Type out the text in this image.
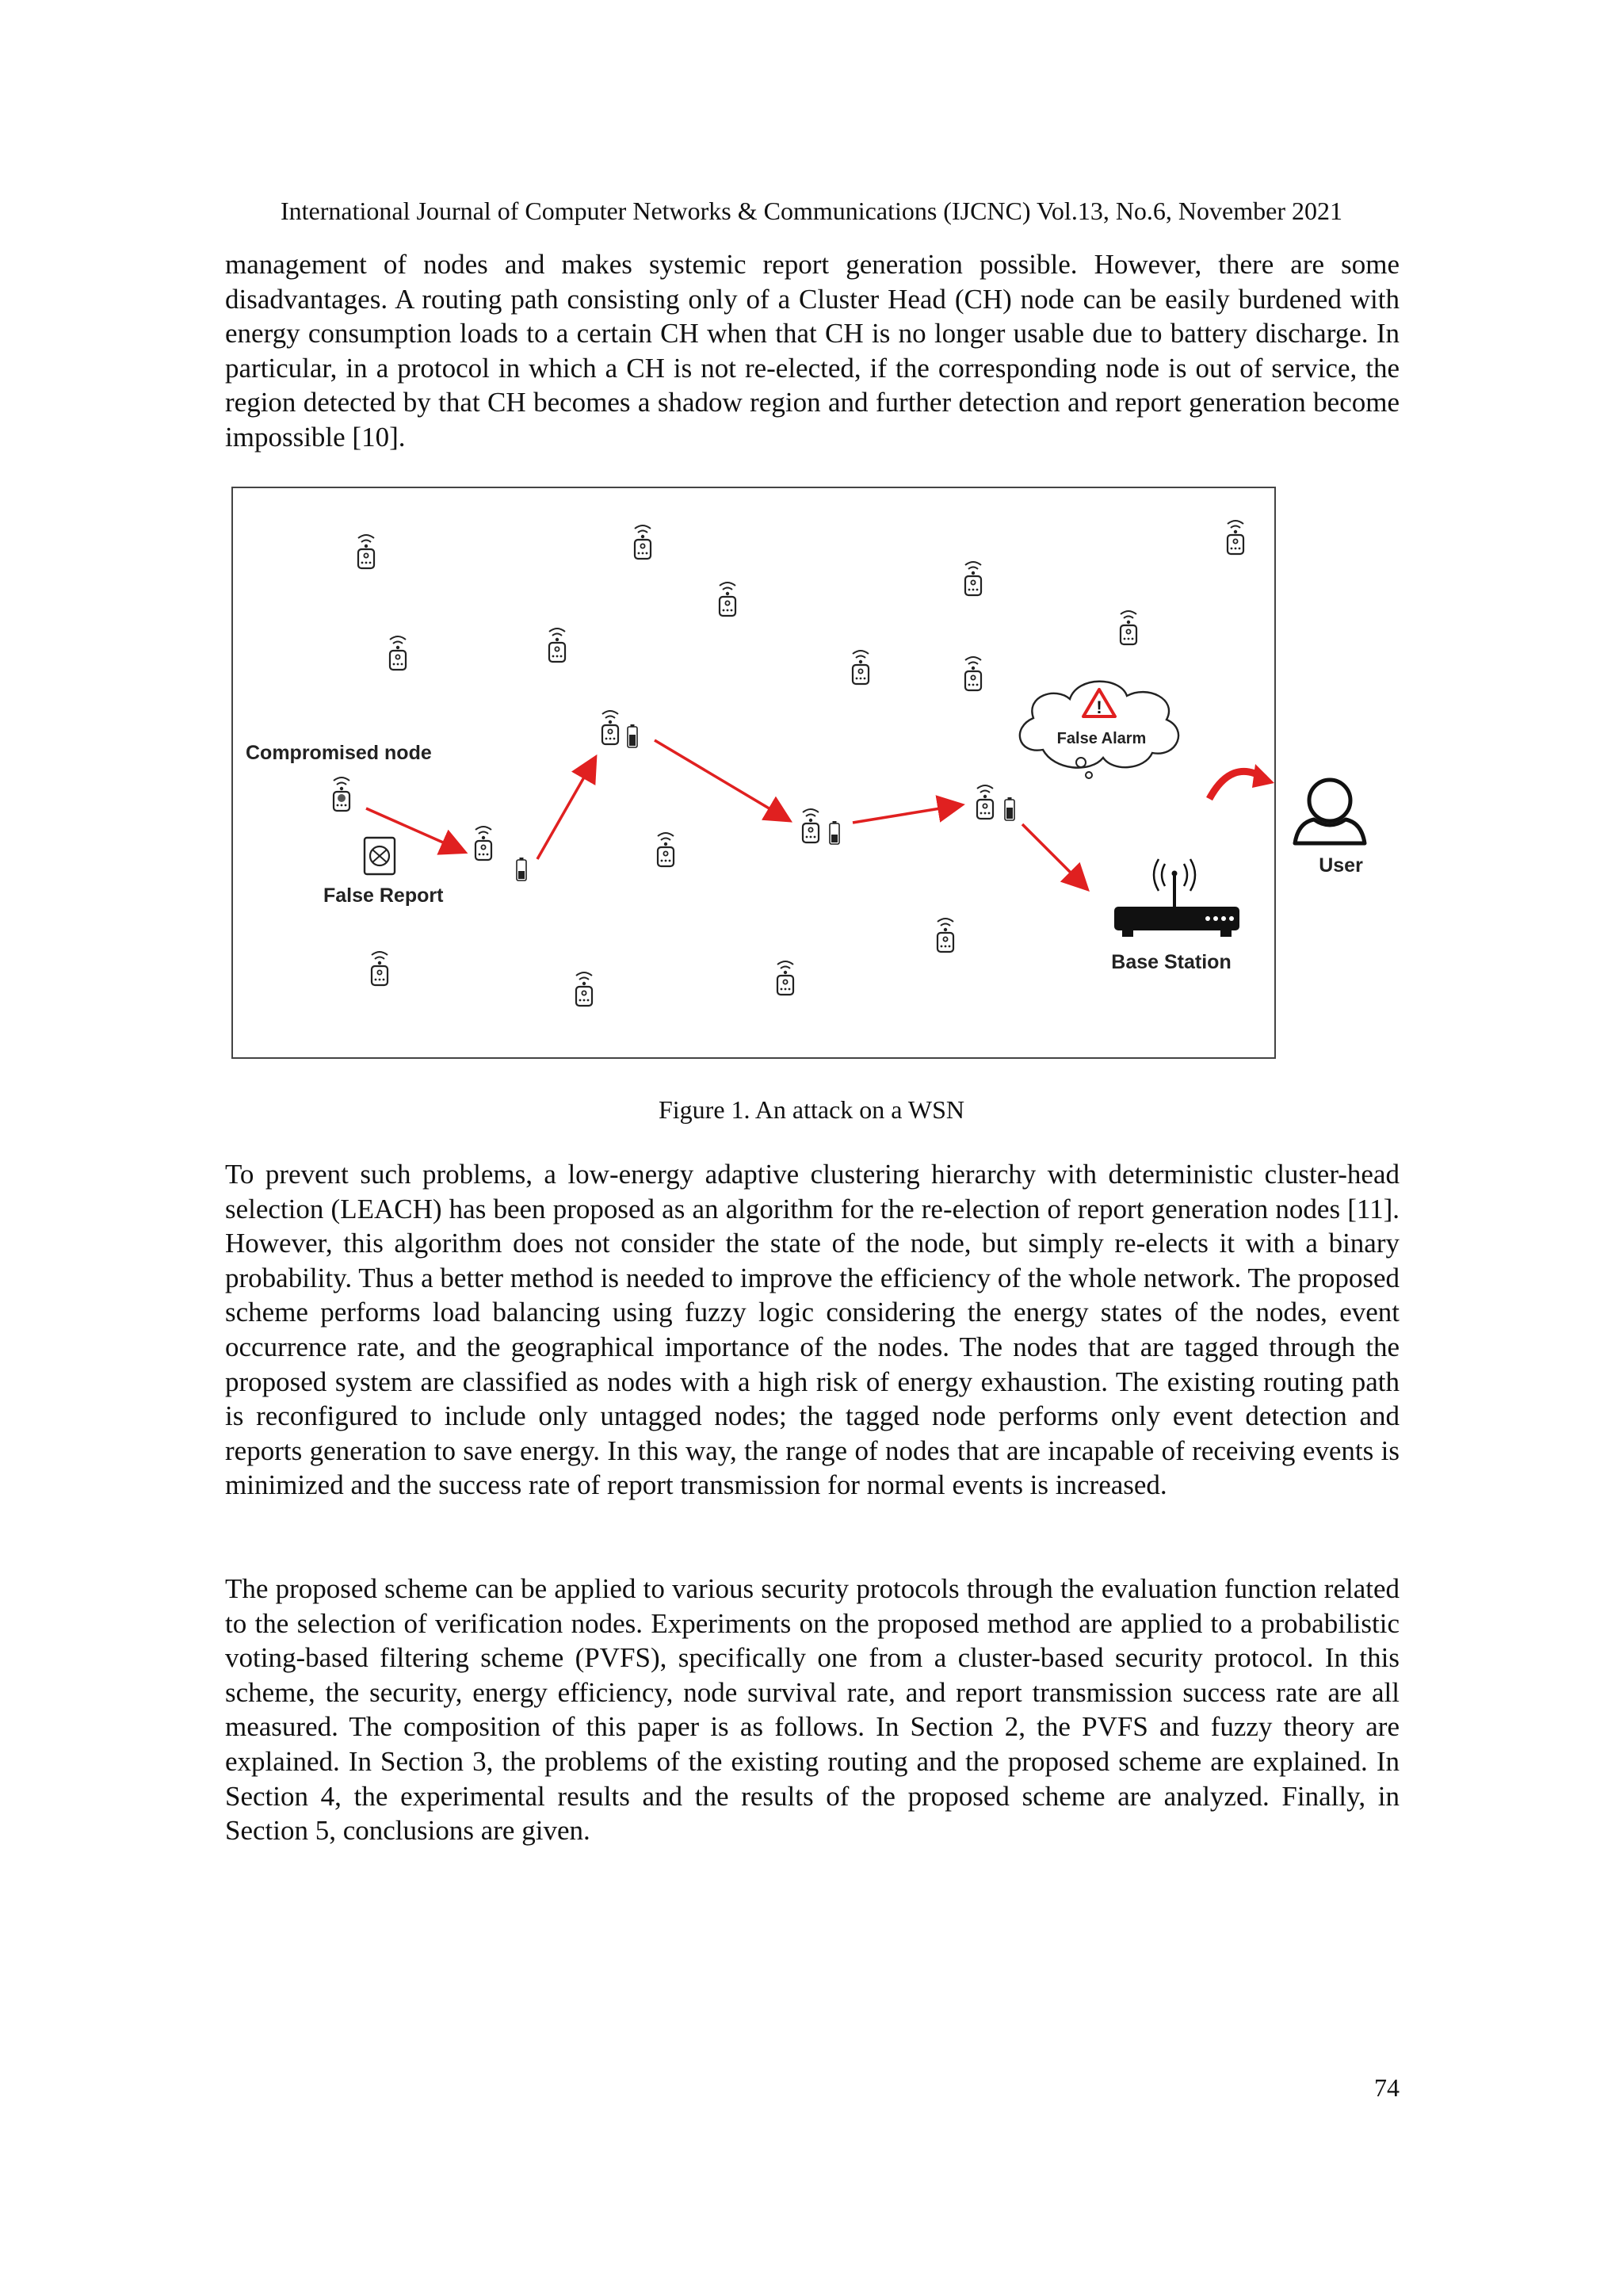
International Journal of Computer Networks & Communications (IJCNC) Vol.13, No.6, November 2021

management of nodes and makes systemic report generation possible. However, there are some disadvantages. A routing path consisting only of a Cluster Head (CH) node can be easily burdened with energy consumption loads to a certain CH when that CH is no longer usable due to battery discharge. In particular, in a protocol in which a CH is not re-elected, if the corresponding node is out of service, the region detected by that CH becomes a shadow region and further detection and report generation become impossible [10].

Compromised node
False Report
!
False Alarm
Base Station
User
Figure 1. An attack on a WSN

To prevent such problems, a low-energy adaptive clustering hierarchy with deterministic cluster-head selection (LEACH) has been proposed as an algorithm for the re-election of report generation nodes [11]. However, this algorithm does not consider the state of the node, but simply re-elects it with a binary probability. Thus a better method is needed to improve the efficiency of the whole network. The proposed scheme performs load balancing using fuzzy logic considering the energy states of the nodes, event occurrence rate, and the geographical importance of the nodes. The nodes that are tagged through the proposed system are classified as nodes with a high risk of energy exhaustion. The existing routing path is reconfigured to include only untagged nodes; the tagged node performs only event detection and reports generation to save energy. In this way, the range of nodes that are incapable of receiving events is minimized and the success rate of report transmission for normal events is increased.

The proposed scheme can be applied to various security protocols through the evaluation function related to the selection of verification nodes. Experiments on the proposed method are applied to a probabilistic voting-based filtering scheme (PVFS), specifically one from a cluster-based security protocol. In this scheme, the security, energy efficiency, node survival rate, and report transmission success rate are all measured. The composition of this paper is as follows. In Section 2, the PVFS and fuzzy theory are explained. In Section 3, the problems of the existing routing and the proposed scheme are explained. In Section 4, the experimental results and the results of the proposed scheme are analyzed. Finally, in Section 5, conclusions are given.

74
